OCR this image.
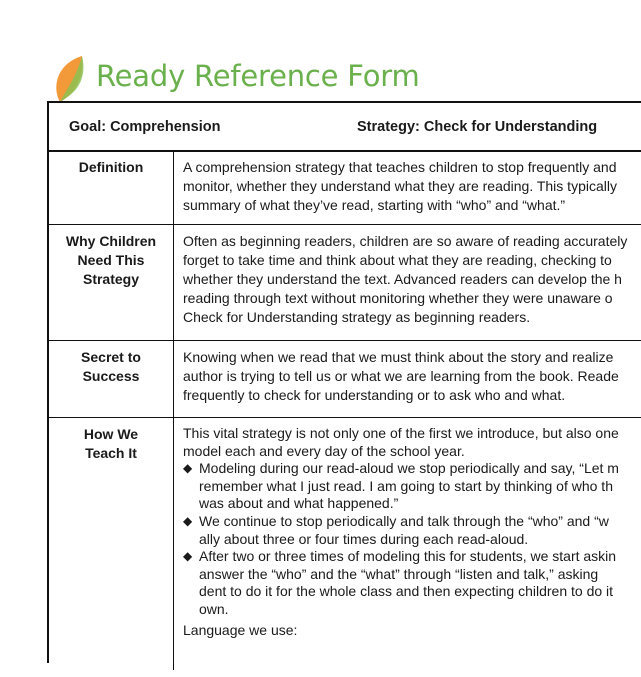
Ready Reference Form
Goal: Comprehension	Strategy: Check for Understanding
Definition	A comprehension strategy that teaches children to stop frequently and
monitor, whether they understand what they are reading. This typically
summary of what they’ve read, starting with “who” and “what.”
Why Children
Need This
Strategy
Often as beginning readers, children are so aware of reading accurately
forget to take time and think about what they are reading, checking to
whether they understand the text. Advanced readers can develop the h
reading through text without monitoring whether they were unaware o
Check for Understanding strategy as beginning readers.
Secret to
Success
Knowing when we read that we must think about the story and realize
author is trying to tell us or what we are learning from the book. Reade
frequently to check for understanding or to ask who and what.
How We
Teach It
This vital strategy is not only one of the first we introduce, but also one
model each and every day of the school year.
◆ Modeling during our read-aloud we stop periodically and say, “Let m
remember what I just read. I am going to start by thinking of who th
was about and what happened.”
◆ We continue to stop periodically and talk through the “who” and “w
ally about three or four times during each read-aloud.
◆ After two or three times of modeling this for students, we start askin
answer the “who” and the “what” through “listen and talk,” asking
dent to do it for the whole class and then expecting children to do it
own.
Language we use:
